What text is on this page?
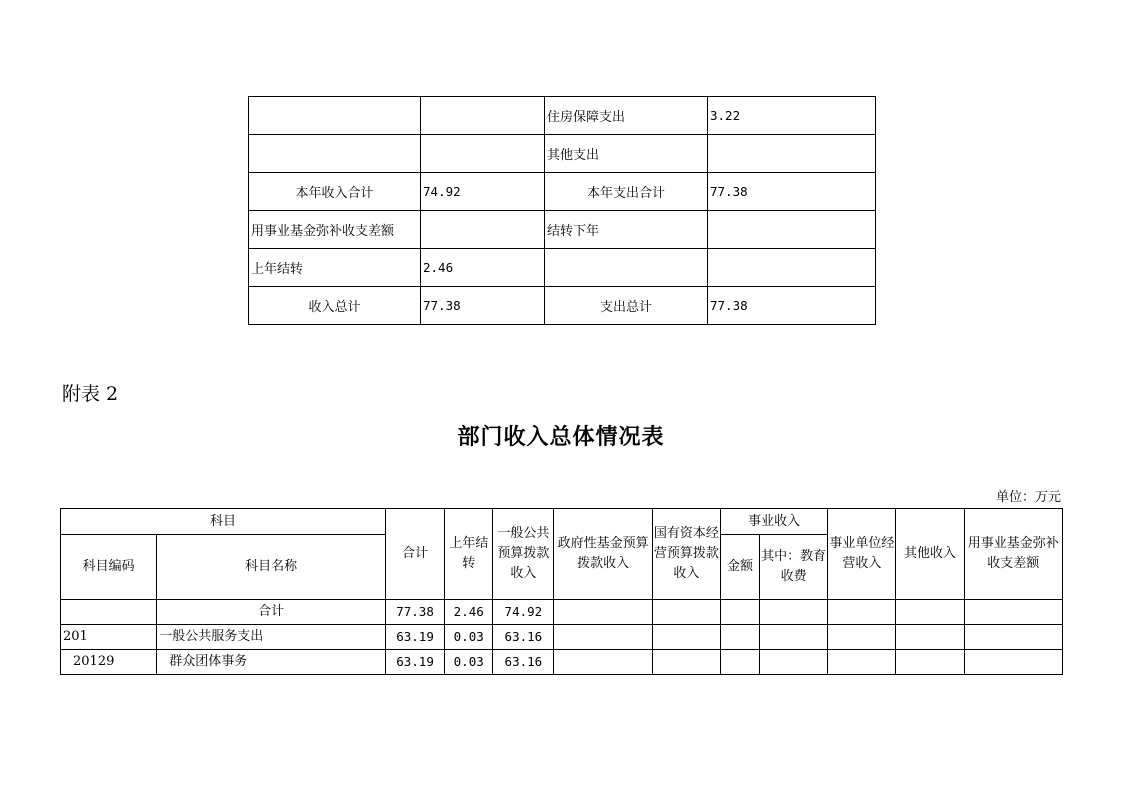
		住房保障支出	3.22
		其他支出	
本年收入合计	74.92	本年支出合计	77.38
用事业基金弥补收支差额		结转下年	
上年结转	2.46		
收入总计	77.38	支出总计	77.38
附表 2
部门收入总体情况表
单位：万元
科目		合计	上年结转	一般公共预算拨款收入	政府性基金预算拨款收入	国有资本经营预算拨款收入	事业收入		事业单位经营收入	其他收入	用事业基金弥补收支差额
科目编码	科目名称						金额	其中：教育收费			
	合计	77.38	2.46	74.92							
201	一般公共服务支出	63.19	0.03	63.16							
20129	群众团体事务	63.19	0.03	63.16							
